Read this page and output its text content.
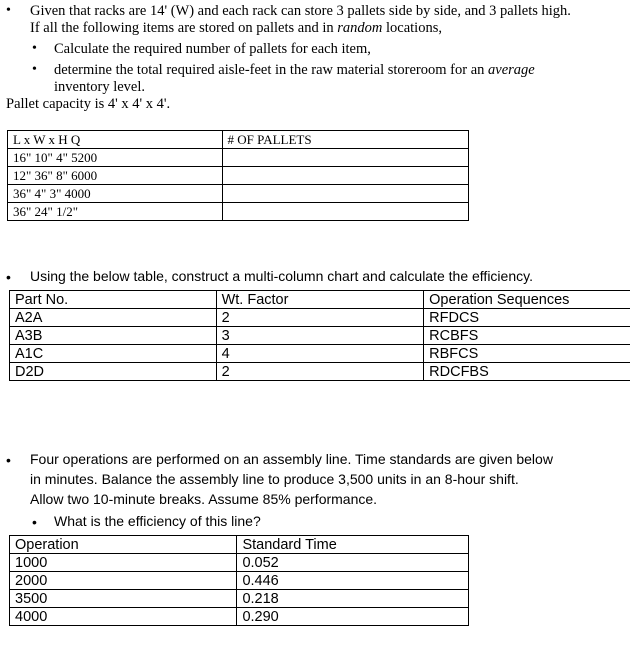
• Given that racks are 14' (W) and each rack can store 3 pallets side by side, and 3 pallets high.
If all the following items are stored on pallets and in random locations,
• Calculate the required number of pallets for each item,
• determine the total required aisle-feet in the raw material storeroom for an average
inventory level.
Pallet capacity is 4' x 4' x 4'.
L x W x H Q	# OF PALLETS
16" 10" 4" 5200	
12" 36" 8" 6000	
36" 4" 3" 4000	
36" 24" 1/2"	
• Using the below table, construct a multi-column chart and calculate the efficiency.
Part No.	Wt. Factor	Operation Sequences
A2A	2	RFDCS
A3B	3	RCBFS
A1C	4	RBFCS
D2D	2	RDCFBS
• Four operations are performed on an assembly line. Time standards are given below
in minutes. Balance the assembly line to produce 3,500 units in an 8-hour shift.
Allow two 10-minute breaks. Assume 85% performance.
• What is the efficiency of this line?
Operation	Standard Time
1000	0.052
2000	0.446
3500	0.218
4000	0.290
